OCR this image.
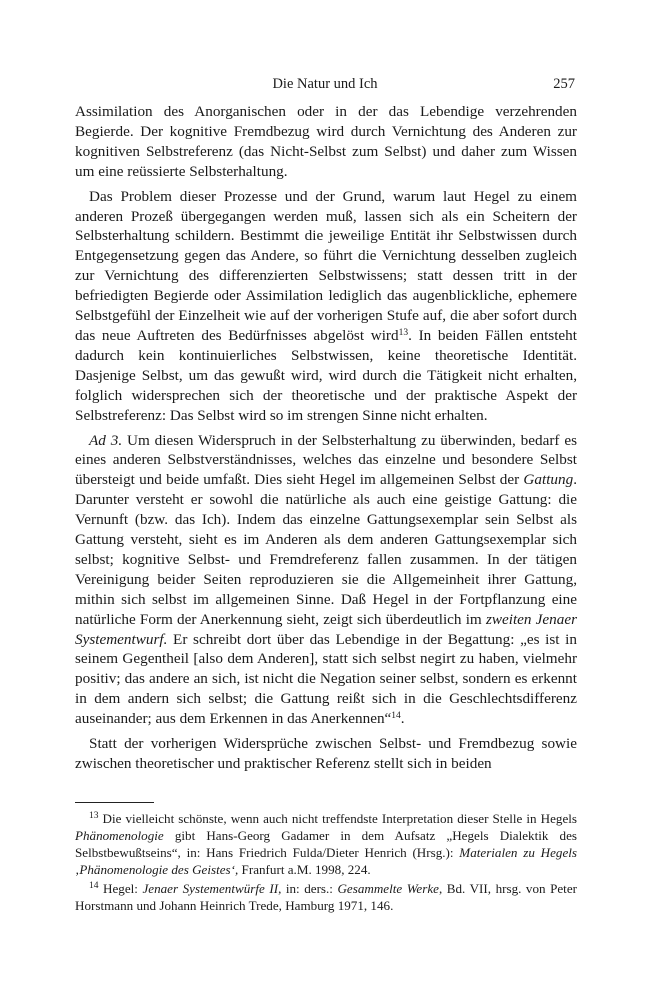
Die Natur und Ich	257

Assimilation des Anorganischen oder in der das Lebendige verzehrenden Begierde. Der kognitive Fremdbezug wird durch Vernichtung des Anderen zur kognitiven Selbstreferenz (das Nicht-Selbst zum Selbst) und daher zum Wissen um eine reüssierte Selbsterhaltung.

Das Problem dieser Prozesse und der Grund, warum laut Hegel zu einem anderen Prozeß übergegangen werden muß, lassen sich als ein Scheitern der Selbsterhaltung schildern. Bestimmt die jeweilige Entität ihr Selbstwissen durch Entgegensetzung gegen das Andere, so führt die Vernichtung desselben zugleich zur Vernichtung des differenzierten Selbstwissens; statt dessen tritt in der befriedigten Begierde oder Assimilation lediglich das augenblickliche, ephemere Selbstgefühl der Einzelheit wie auf der vorherigen Stufe auf, die aber sofort durch das neue Auftreten des Bedürfnisses abgelöst wird$^{13}$. In beiden Fällen entsteht dadurch kein kontinuierliches Selbstwissen, keine theoretische Identität. Dasjenige Selbst, um das gewußt wird, wird durch die Tätigkeit nicht erhalten, folglich widersprechen sich der theoretische und der praktische Aspekt der Selbstreferenz: Das Selbst wird so im strengen Sinne nicht erhalten.

Ad 3. Um diesen Widerspruch in der Selbsterhaltung zu überwinden, bedarf es eines anderen Selbstverständnisses, welches das einzelne und besondere Selbst übersteigt und beide umfaßt. Dies sieht Hegel im allgemeinen Selbst der Gattung. Darunter versteht er sowohl die natürliche als auch eine geistige Gattung: die Vernunft (bzw. das Ich). Indem das einzelne Gattungsexemplar sein Selbst als Gattung versteht, sieht es im Anderen als dem anderen Gattungsexemplar sich selbst; kognitive Selbst- und Fremdreferenz fallen zusammen. In der tätigen Vereinigung beider Seiten reproduzieren sie die Allgemeinheit ihrer Gattung, mithin sich selbst im allgemeinen Sinne. Daß Hegel in der Fortpflanzung eine natürliche Form der Anerkennung sieht, zeigt sich überdeutlich im zweiten Jenaer Systementwurf. Er schreibt dort über das Lebendige in der Begattung: „es ist in seinem Gegentheil [also dem Anderen], statt sich selbst negirt zu haben, vielmehr positiv; das andere an sich, ist nicht die Negation seiner selbst, sondern es erkennt in dem andern sich selbst; die Gattung reißt sich in die Geschlechtsdifferenz auseinander; aus dem Erkennen in das Anerkennen“$^{14}$.

Statt der vorherigen Widersprüche zwischen Selbst- und Fremdbezug sowie zwischen theoretischer und praktischer Referenz stellt sich in beiden

$^{13}$ Die vielleicht schönste, wenn auch nicht treffendste Interpretation dieser Stelle in Hegels Phänomenologie gibt Hans-Georg Gadamer in dem Aufsatz „Hegels Dialektik des Selbstbewußtseins“, in: Hans Friedrich Fulda/Dieter Henrich (Hrsg.): Materialen zu Hegels ‚Phänomenologie des Geistes‘, Franfurt a.M. 1998, 224.

$^{14}$ Hegel: Jenaer Systementwürfe II, in: ders.: Gesammelte Werke, Bd. VII, hrsg. von Peter Horstmann und Johann Heinrich Trede, Hamburg 1971, 146.
